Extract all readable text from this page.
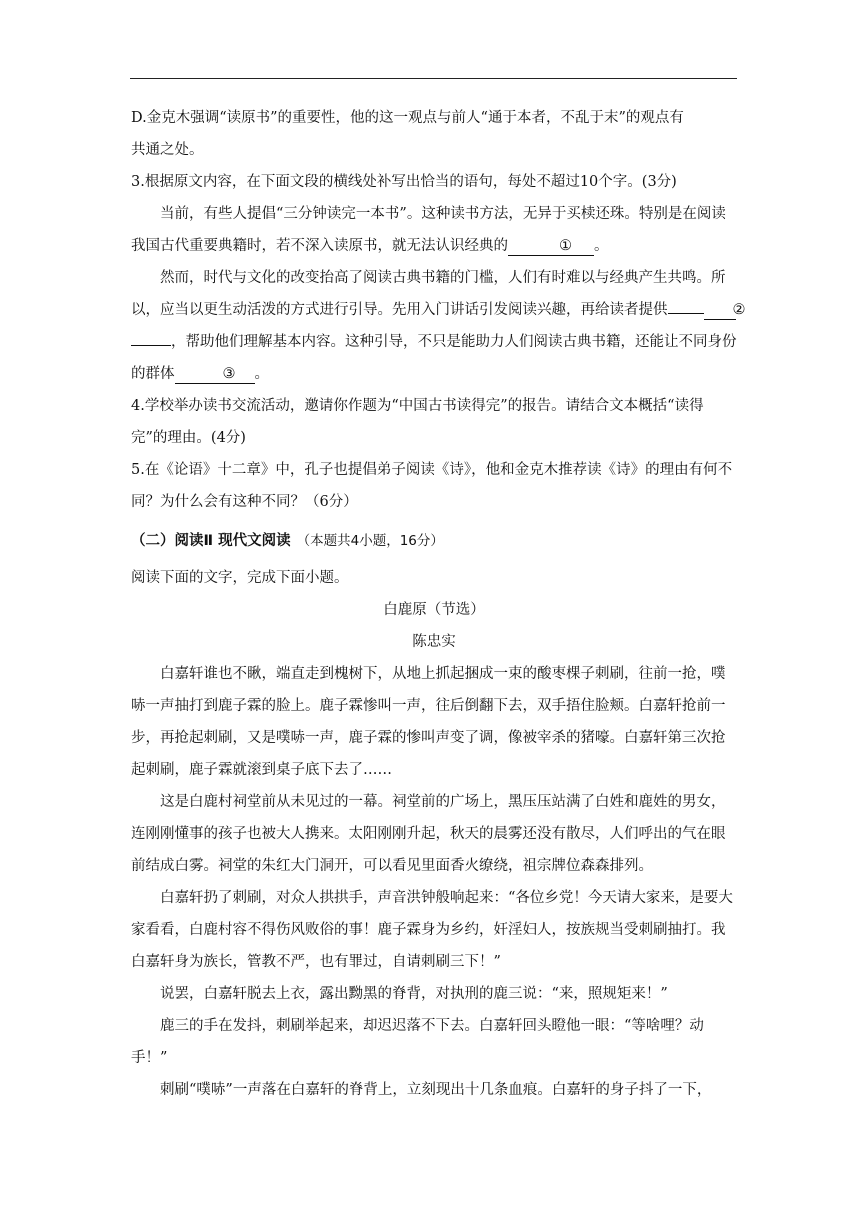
D.金克木强调“读原书”的重要性，他的这一观点与前人“通于本者，不乱于末”的观点有
共通之处。

3.根据原文内容，在下面文段的横线处补写出恰当的语句，每处不超过10个字。(3分)

当前，有些人提倡“三分钟读完一本书”。这种读书方法，无异于买椟还珠。特别是在阅读我国古代重要典籍时，若不深入读原书，就无法认识经典的	① 。

然而，时代与文化的改变抬高了阅读古典书籍的门槛，人们有时难以与经典产生共鸣。所以，应当以更生动活泼的方式进行引导。先用入门讲话引发阅读兴趣，再给读者提供	②，帮助他们理解基本内容。这种引导，不只是能助力人们阅读古典书籍，还能让不同身份的群体	③ 。

4.学校举办读书交流活动，邀请你作题为“中国古书读得完”的报告。请结合文本概括“读得完”的理由。(4分)

5.在《论语》十二章》中，孔子也提倡弟子阅读《诗》，他和金克木推荐读《诗》的理由有何不同？为什么会有这种不同？（6分）

（二）阅读Ⅱ 现代文阅读 （本题共4小题，16分）

阅读下面的文字，完成下面小题。

白鹿原（节选）

陈忠实

白嘉轩谁也不瞅，端直走到槐树下，从地上抓起捆成一束的酸枣棵子刺刷，往前一抢，噗哧一声抽打到鹿子霖的脸上。鹿子霖惨叫一声，往后倒翻下去，双手捂住脸颊。白嘉轩抢前一步，再抢起刺刷，又是噗哧一声，鹿子霖的惨叫声变了调，像被宰杀的猪嚎。白嘉轩第三次抢起刺刷，鹿子霖就滚到桌子底下去了……

这是白鹿村祠堂前从未见过的一幕。祠堂前的广场上，黑压压站满了白姓和鹿姓的男女，连刚刚懂事的孩子也被大人携来。太阳刚刚升起，秋天的晨雾还没有散尽，人们呼出的气在眼前结成白雾。祠堂的朱红大门洞开，可以看见里面香火缭绕，祖宗牌位森森排列。

白嘉轩扔了刺刷，对众人拱拱手，声音洪钟般响起来：“各位乡党！今天请大家来，是要大家看看，白鹿村容不得伤风败俗的事！鹿子霖身为乡约，奸淫妇人，按族规当受刺刷抽打。我白嘉轩身为族长，管教不严，也有罪过，自请刺刷三下！”

说罢，白嘉轩脱去上衣，露出黝黑的脊背，对执刑的鹿三说：“来，照规矩来！”

鹿三的手在发抖，刺刷举起来，却迟迟落不下去。白嘉轩回头瞪他一眼：“等啥哩？动手！”

刺刷“噗哧”一声落在白嘉轩的脊背上，立刻现出十几条血痕。白嘉轩的身子抖了一下，
